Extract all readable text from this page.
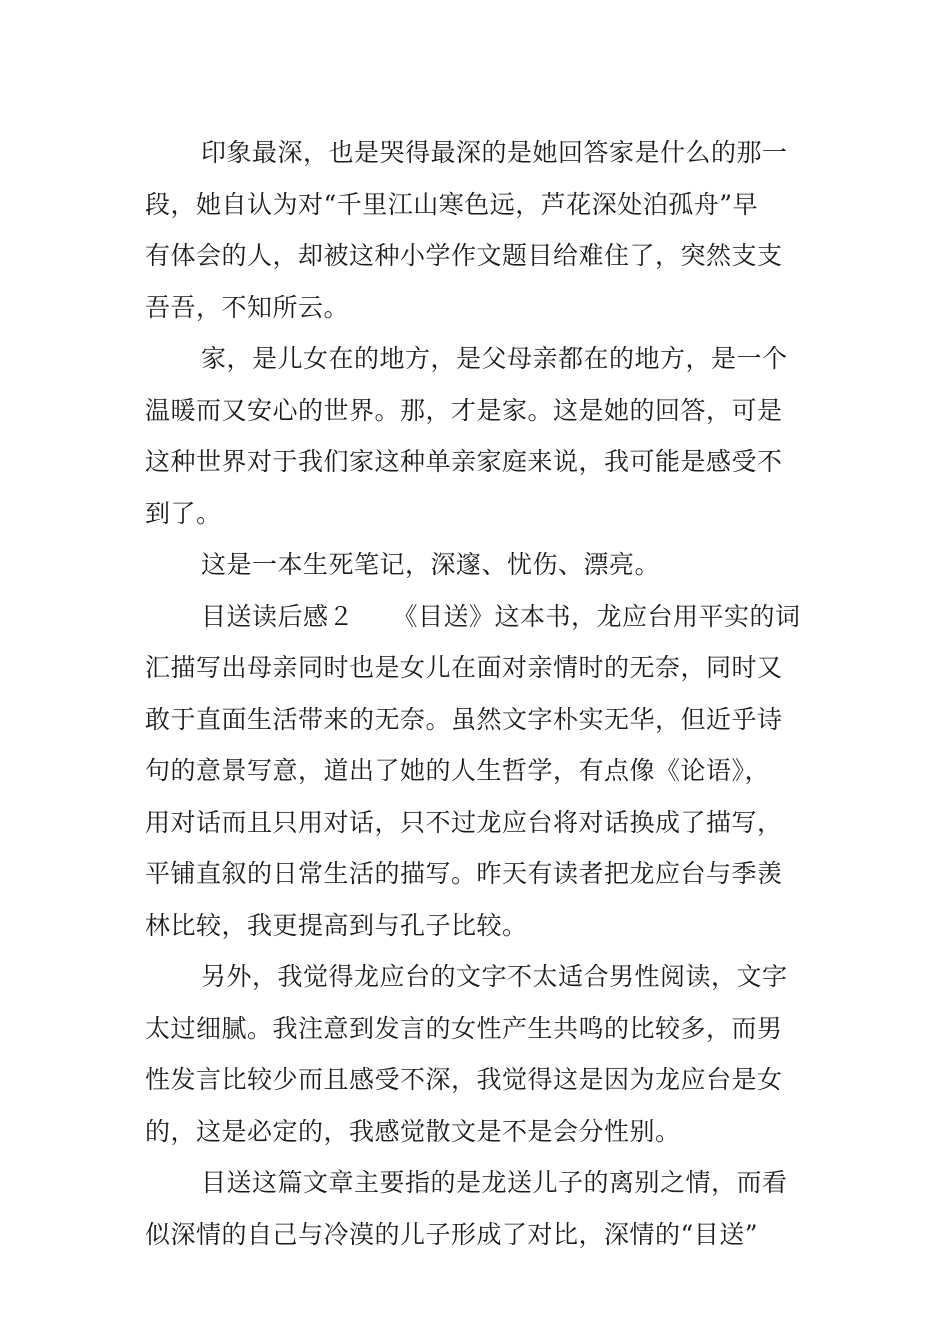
印象最深，也是哭得最深的是她回答家是什么的那一
段，她自认为对“千里江山寒色远，芦花深处泊孤舟”早
有体会的人，却被这种小学作文题目给难住了，突然支支
吾吾，不知所云。
家，是儿女在的地方，是父母亲都在的地方，是一个
温暖而又安心的世界。那，才是家。这是她的回答，可是
这种世界对于我们家这种单亲家庭来说，我可能是感受不
到了。
这是一本生死笔记，深邃、忧伤、漂亮。
目送读后感２　　《目送》这本书，龙应台用平实的词
汇描写出母亲同时也是女儿在面对亲情时的无奈，同时又
敢于直面生活带来的无奈。虽然文字朴实无华，但近乎诗
句的意景写意，道出了她的人生哲学，有点像《论语》，
用对话而且只用对话，只不过龙应台将对话换成了描写，
平铺直叙的日常生活的描写。昨天有读者把龙应台与季羡
林比较，我更提高到与孔子比较。
另外，我觉得龙应台的文字不太适合男性阅读，文字
太过细腻。我注意到发言的女性产生共鸣的比较多，而男
性发言比较少而且感受不深，我觉得这是因为龙应台是女
的，这是必定的，我感觉散文是不是会分性别。
目送这篇文章主要指的是龙送儿子的离别之情，而看
似深情的自己与冷漠的儿子形成了对比，深情的“目送”
